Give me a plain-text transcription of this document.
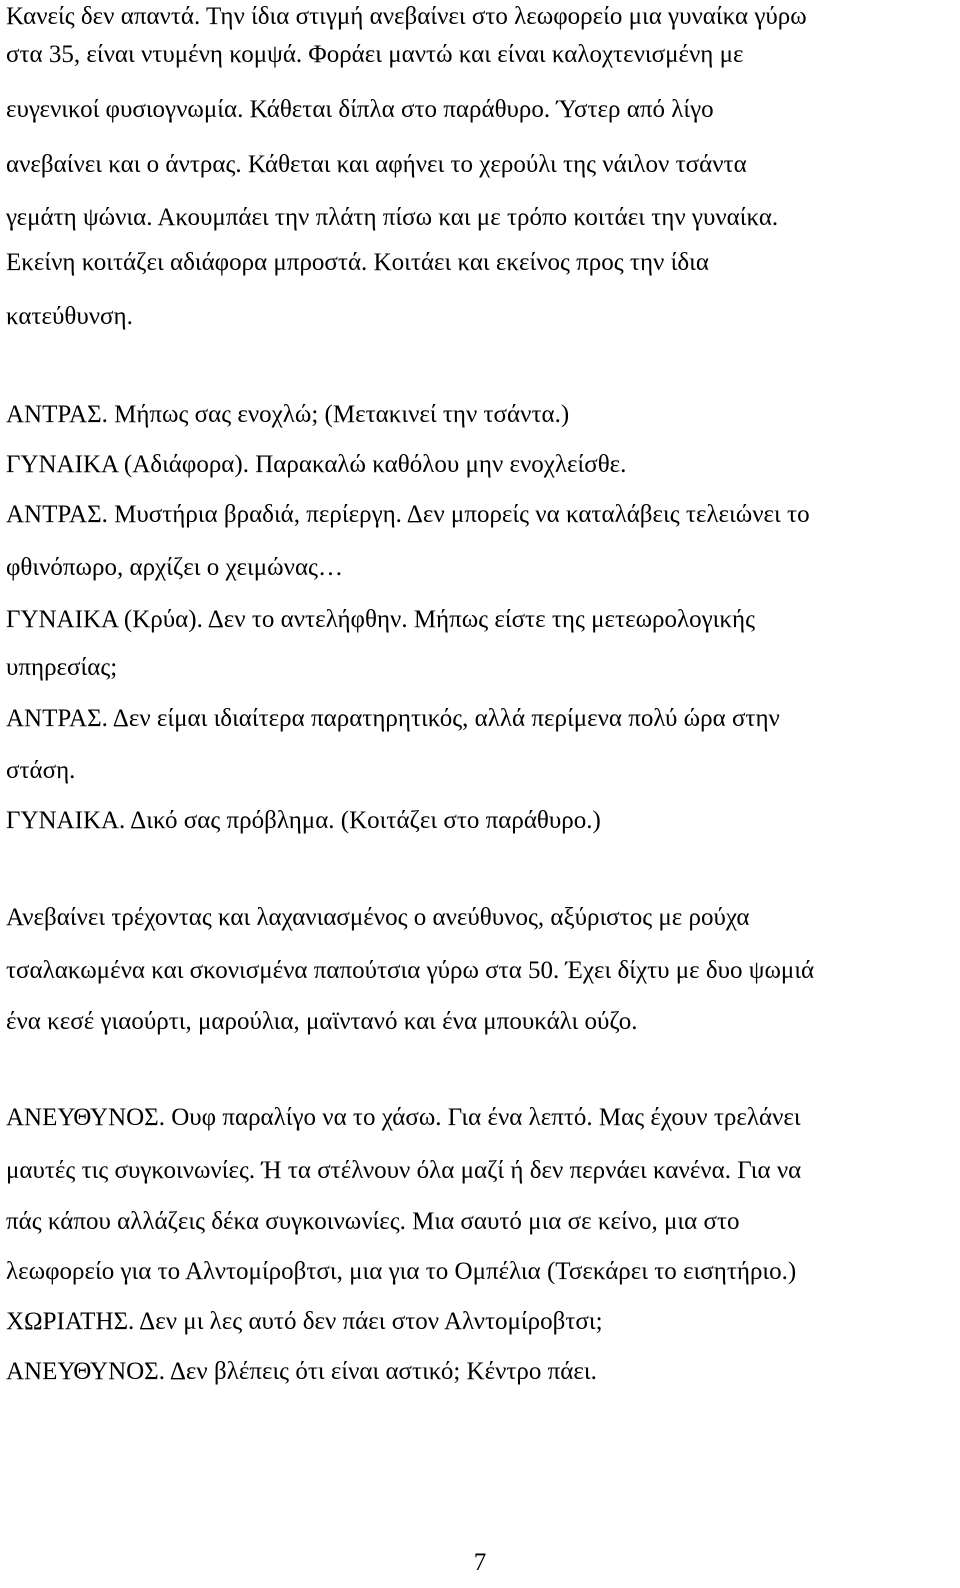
Κανείς δεν απαντά. Την ίδια στιγμή ανεβαίνει στο λεωφορείο μια γυναίκα γύρω
στα 35, είναι ντυμένη κομψά. Φοράει μαντώ και είναι καλοχτενισμένη με
ευγενικοί φυσιογνωμία. Κάθεται δίπλα στο παράθυρο. Ύστερ από λίγο
ανεβαίνει και ο άντρας. Κάθεται και αφήνει το χερούλι της νάιλον τσάντα
γεμάτη ψώνια. Ακουμπάει την πλάτη πίσω και με τρόπο κοιτάει την γυναίκα.
Εκείνη κοιτάζει αδιάφορα μπροστά. Κοιτάει και εκείνος προς την ίδια
κατεύθυνση.
ΑΝΤΡΑΣ. Μήπως σας ενοχλώ; (Μετακινεί την τσάντα.)
ΓΥΝΑΙΚΑ (Αδιάφορα). Παρακαλώ καθόλου μην ενοχλείσθε.
ΑΝΤΡΑΣ. Μυστήρια βραδιά, περίεργη. Δεν μπορείς να καταλάβεις τελειώνει το
φθινόπωρο, αρχίζει ο χειμώνας…
ΓΥΝΑΙΚΑ (Κρύα). Δεν το αντελήφθην. Μήπως είστε της μετεωρολογικής
υπηρεσίας;
ΑΝΤΡΑΣ. Δεν είμαι ιδιαίτερα παρατηρητικός, αλλά περίμενα πολύ ώρα στην
στάση.
ΓΥΝΑΙΚΑ. Δικό σας πρόβλημα. (Κοιτάζει στο παράθυρο.)
Ανεβαίνει τρέχοντας και λαχανιασμένος ο ανεύθυνος, αξύριστος με ρούχα
τσαλακωμένα και σκονισμένα παπούτσια γύρω στα 50. Έχει δίχτυ με δυο ψωμιά
ένα κεσέ γιαούρτι, μαρούλια, μαϊντανό και ένα μπουκάλι ούζο.
ΑΝΕΥΘΥΝΟΣ. Ουφ παραλίγο να το χάσω. Για ένα λεπτό. Μας έχουν τρελάνει
μαυτές τις συγκοινωνίες. Ή τα στέλνουν όλα μαζί ή δεν περνάει κανένα. Για να
πάς κάπου αλλάζεις δέκα συγκοινωνίες. Μια σαυτό μια σε κείνο, μια στο
λεωφορείο για το Αλντομίροβτσι, μια για το Ομπέλια (Τσεκάρει το εισητήριο.)
ΧΩΡΙΑΤΗΣ. Δεν μι λες αυτό δεν πάει στον Αλντομίροβτσι;
ΑΝΕΥΘΥΝΟΣ. Δεν βλέπεις ότι είναι αστικό; Κέντρο πάει.
7
